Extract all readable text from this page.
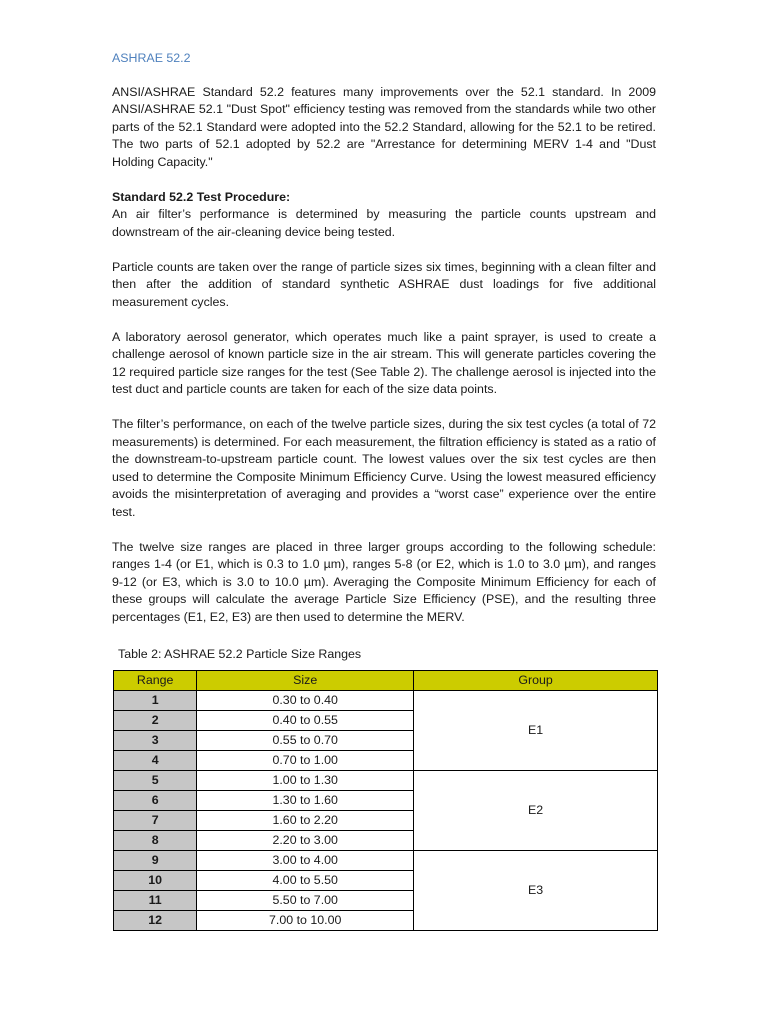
ASHRAE 52.2

ANSI/ASHRAE Standard 52.2 features many improvements over the 52.1 standard. In 2009 ANSI/ASHRAE 52.1 "Dust Spot" efficiency testing was removed from the standards while two other parts of the 52.1 Standard were adopted into the 52.2 Standard, allowing for the 52.1 to be retired. The two parts of 52.1 adopted by 52.2 are "Arrestance for determining MERV 1-4 and "Dust Holding Capacity."

Standard 52.2 Test Procedure:

An air filter’s performance is determined by measuring the particle counts upstream and downstream of the air-cleaning device being tested.

Particle counts are taken over the range of particle sizes six times, beginning with a clean filter and then after the addition of standard synthetic ASHRAE dust loadings for five additional measurement cycles.

A laboratory aerosol generator, which operates much like a paint sprayer, is used to create a challenge aerosol of known particle size in the air stream. This will generate particles covering the 12 required particle size ranges for the test (See Table 2). The challenge aerosol is injected into the test duct and particle counts are taken for each of the size data points.

The filter’s performance, on each of the twelve particle sizes, during the six test cycles (a total of 72 measurements) is determined. For each measurement, the filtration efficiency is stated as a ratio of the downstream-to-upstream particle count. The lowest values over the six test cycles are then used to determine the Composite Minimum Efficiency Curve. Using the lowest measured efficiency avoids the misinterpretation of averaging and provides a “worst case” experience over the entire test.

The twelve size ranges are placed in three larger groups according to the following schedule: ranges 1-4 (or E1, which is 0.3 to 1.0 µm), ranges 5-8 (or E2, which is 1.0 to 3.0 µm), and ranges 9-12 (or E3, which is 3.0 to 10.0 µm). Averaging the Composite Minimum Efficiency for each of these groups will calculate the average Particle Size Efficiency (PSE), and the resulting three percentages (E1, E2, E3) are then used to determine the MERV.

Table 2: ASHRAE 52.2 Particle Size Ranges
Range	Size	Group
1	0.30 to 0.40	E1
2	0.40 to 0.55	
3	0.55 to 0.70	
4	0.70 to 1.00	
5	1.00 to 1.30	E2
6	1.30 to 1.60	
7	1.60 to 2.20	
8	2.20 to 3.00	
9	3.00 to 4.00	E3
10	4.00 to 5.50	
11	5.50 to 7.00	
12	7.00 to 10.00	
